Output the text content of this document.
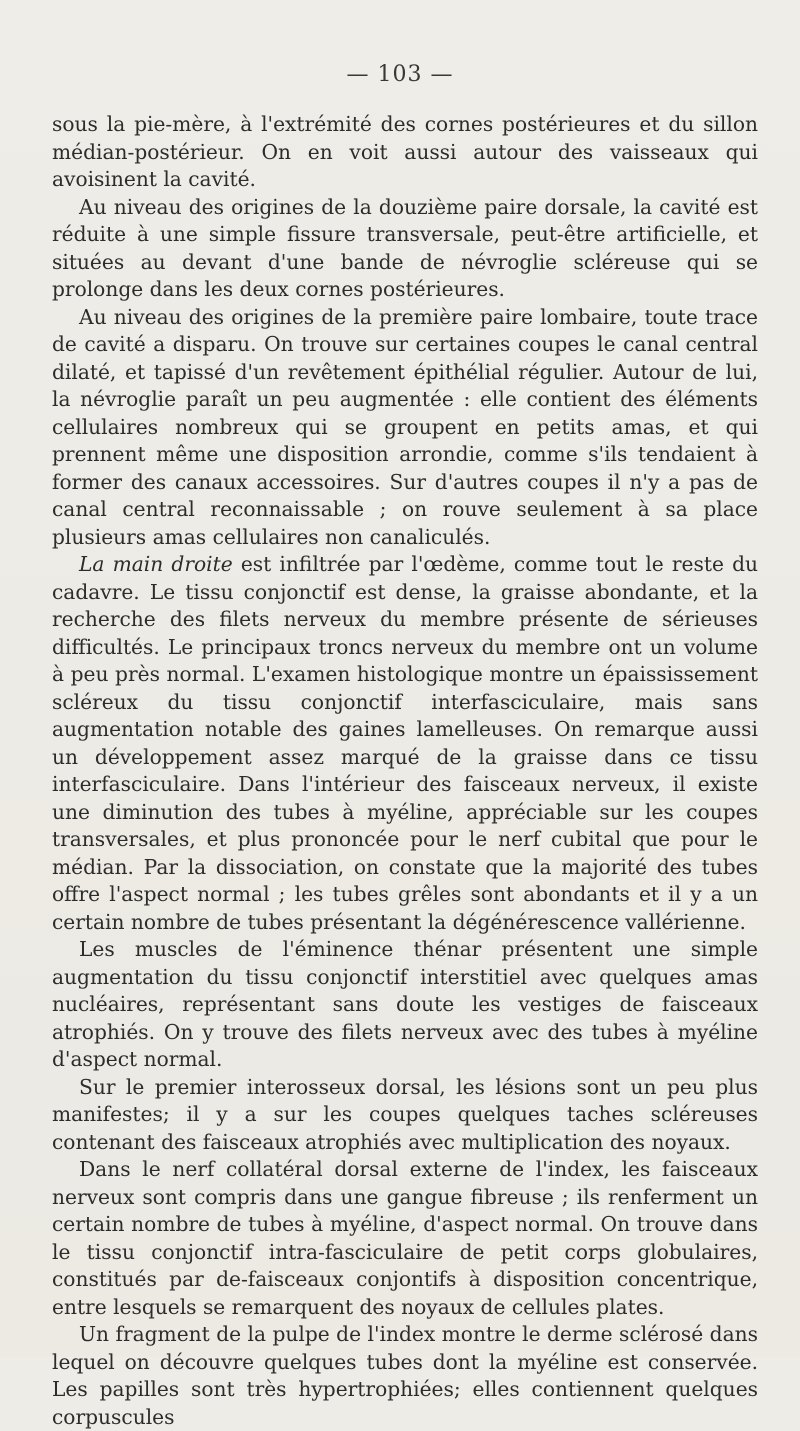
— 103 —

sous la pie-mère, à l'extrémité des cornes postérieures et du sillon médian-postérieur. On en voit aussi autour des vaisseaux qui avoisinent la cavité.

Au niveau des origines de la douzième paire dorsale, la cavité est réduite à une simple fissure transversale, peut-être artificielle, et situées au devant d'une bande de névroglie scléreuse qui se prolonge dans les deux cornes postérieures.

Au niveau des origines de la première paire lombaire, toute trace de cavité a disparu. On trouve sur certaines coupes le canal central dilaté, et tapissé d'un revêtement épithélial régulier. Autour de lui, la névroglie paraît un peu augmentée : elle contient des éléments cellulaires nombreux qui se groupent en petits amas, et qui prennent même une disposition arrondie, comme s'ils tendaient à former des canaux accessoires. Sur d'autres coupes il n'y a pas de canal central reconnaissable ; on rouve seulement à sa place plusieurs amas cellulaires non canaliculés.

La main droite est infiltrée par l'œdème, comme tout le reste du cadavre. Le tissu conjonctif est dense, la graisse abondante, et la recherche des filets nerveux du membre présente de sérieuses difficultés. Le principaux troncs nerveux du membre ont un volume à peu près normal. L'examen histologique montre un épaississement scléreux du tissu conjonctif interfasciculaire, mais sans augmentation notable des gaines lamelleuses. On remarque aussi un développement assez marqué de la graisse dans ce tissu interfasciculaire. Dans l'intérieur des faisceaux nerveux, il existe une diminution des tubes à myéline, appréciable sur les coupes transversales, et plus prononcée pour le nerf cubital que pour le médian. Par la dissociation, on constate que la majorité des tubes offre l'aspect normal ; les tubes grêles sont abondants et il y a un certain nombre de tubes présentant la dégénérescence vallérienne.

Les muscles de l'éminence thénar présentent une simple augmentation du tissu conjonctif interstitiel avec quelques amas nucléaires, représentant sans doute les vestiges de faisceaux atrophiés. On y trouve des filets nerveux avec des tubes à myéline d'aspect normal.

Sur le premier interosseux dorsal, les lésions sont un peu plus manifestes; il y a sur les coupes quelques taches scléreuses contenant des faisceaux atrophiés avec multiplication des noyaux.

Dans le nerf collatéral dorsal externe de l'index, les faisceaux nerveux sont compris dans une gangue fibreuse ; ils renferment un certain nombre de tubes à myéline, d'aspect normal. On trouve dans le tissu conjonctif intra-fasciculaire de petit corps globulaires, constitués par de-faisceaux conjontifs à disposition concentrique, entre lesquels se remarquent des noyaux de cellules plates.

Un fragment de la pulpe de l'index montre le derme sclérosé dans lequel on découvre quelques tubes dont la myéline est conservée. Les papilles sont très hypertrophiées; elles contiennent quelques corpuscules
